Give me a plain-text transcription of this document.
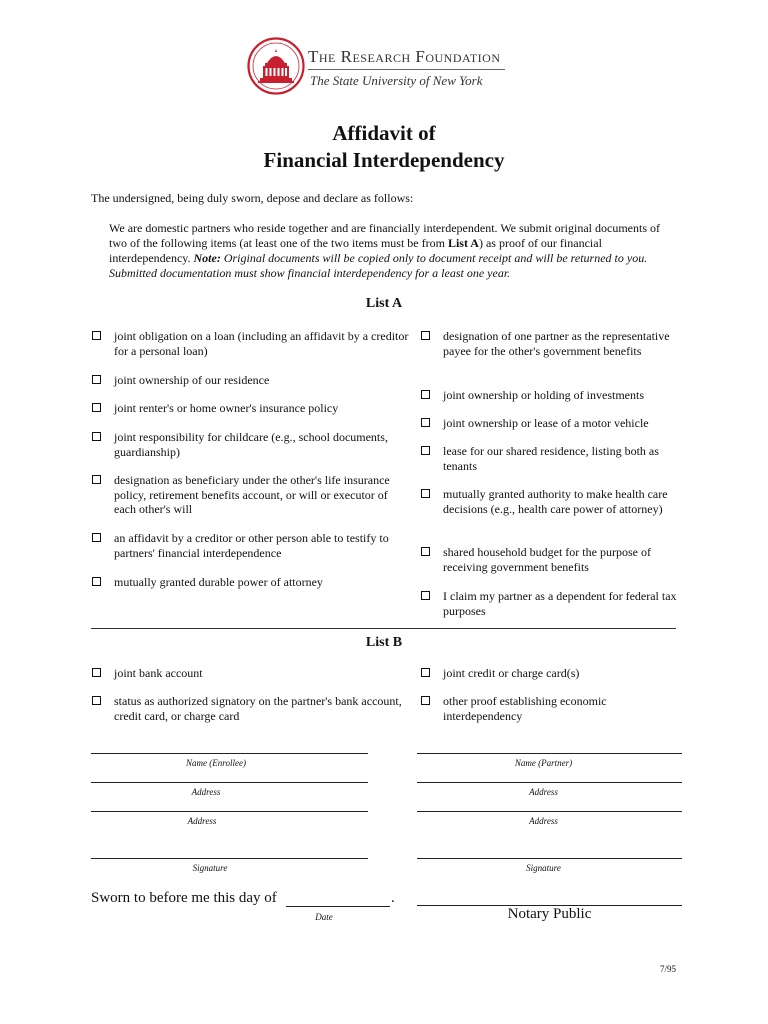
The Research Foundation
The State University of New York
Affidavit of
Financial Interdependency
The undersigned, being duly sworn, depose and declare as follows:
We are domestic partners who reside together and are financially interdependent. We submit original documents of two of the following items (at least one of the two items must be from List A) as proof of our financial interdependency. Note: Original documents will be copied only to document receipt and will be returned to you. Submitted documentation must show financial interdependency for a least one year.
List A
joint obligation on a loan (including an affidavit by a creditor for a personal loan)
joint ownership of our residence
joint renter's or home owner's insurance policy
joint responsibility for childcare (e.g., school documents, guardianship)
designation as beneficiary under the other's life insurance policy, retirement benefits account, or will or executor of each other's will
an affidavit by a creditor or other person able to testify to partners' financial interdependence
mutually granted durable power of attorney
designation of one partner as the representative payee for the other's government benefits
joint ownership or holding of investments
joint ownership or lease of a motor vehicle
lease for our shared residence, listing both as tenants
mutually granted authority to make health care decisions (e.g., health care power of attorney)
shared household budget for the purpose of receiving government benefits
I claim my partner as a dependent for federal tax purposes
List B
joint bank account
status as authorized signatory on the partner's bank account, credit card, or charge card
joint credit or charge card(s)
other proof establishing economic interdependency
Name (Enrollee)
Address
Address
Signature
Name (Partner)
Address
Address
Signature
Sworn to before me this day of	.
Date	Notary Public
7/95
